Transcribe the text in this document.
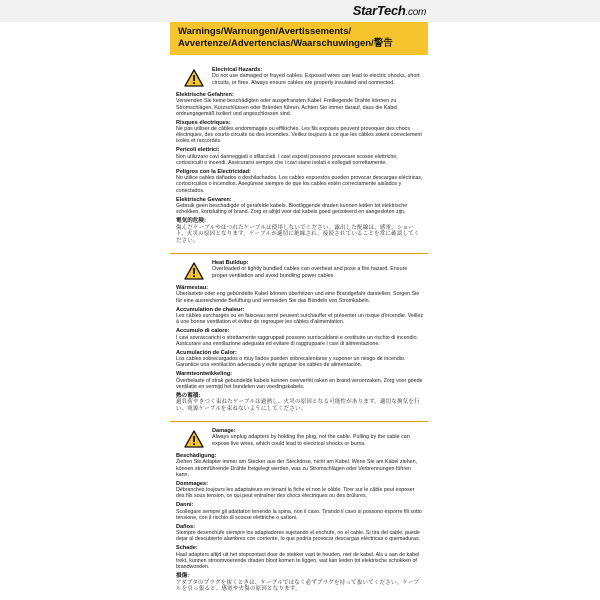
StarTech.com
Warnings/Warnungen/Avertissements/
Avvertenze/Advertencias/Waarschuwingen/警告
Electrical Hazards:
Do not use damaged or frayed cables. Exposed wires can lead to electric shocks, short circuits, or fires. Always ensure cables are properly insulated and connected.
Elektrische Gefahren:
Verwenden Sie keine beschädigten oder ausgefransten Kabel. Freiliegende Drähte können zu Stromschlägen, Kurzschlüssen oder Bränden führen. Achten Sie immer darauf, dass die Kabel ordnungsgemäß isoliert und angeschlossen sind.
Risques électriques:
Ne pas utiliser de câbles endommagés ou effilochés. Les fils exposés peuvent provoquer des chocs électriques, des courts-circuits ou des incendies. Veillez toujours à ce que les câbles soient correctement isolés et raccordés.
Pericoli elettrici:
Non utilizzare cavi danneggiati o sfilacciati. I cavi esposti possono provocare scosse elettriche, cortocircuiti o incendi. Assicurarsi sempre che i cavi siano isolati e collegati correttamente.
Peligros con la Electricidad:
No utilice cables dañados o deshilachados. Los cables expuestos pueden provocar descargas eléctricas, cortocircuitos o incendios. Asegúrese siempre de que los cables estén correctamente aislados y conectados.
Elektrische Gevaren:
Gebruik geen beschadigde of gerafelde kabels. Blootliggende draden kunnen leiden tot elektrische schokken, kortsluiting of brand. Zorg er altijd voor dat kabels goed geïsoleerd en aangesloten zijn.
電気的危険:
傷んだケーブルやほつれたケーブルは使用しないでください。露出した配線は、感電、ショート、火災の原因となります。ケーブルが適切に絶縁され、接続されていることを常に確認してください。
Heat Buildup:
Overloaded or tightly bundled cables can overheat and pose a fire hazard. Ensure proper ventilation and avoid bundling power cables.
Wärmestau:
Überlastete oder eng gebündelte Kabel können überhitzen und eine Brandgefahr darstellen. Sorgen Sie für eine ausreichende Belüftung und vermeiden Sie das Bündeln von Stromkabeln.
Accumulation de chaleur:
Les câbles surchargés ou en faisceau serré peuvent surchauffer et présenter un risque d'incendie. Veillez à une bonne ventilation et évitez de regrouper les câbles d'alimentation.
Accumulo di calore:
I cavi sovraccarichi o strettamente raggruppati possono surriscaldarsi e costituire un rischio di incendio. Assicurare una ventilazione adeguata ed evitare di raggruppare i cavi di alimentazione.
Acumulación de Calor:
Los cables sobrecargados o muy liados pueden sobrecalentarse y suponer un riesgo de incendio. Garantice una ventilación adecuada y evite agrupar los cables de alimentación.
Warmteontwikkeling:
Overbelaste of strak gebundelde kabels kunnen oververhit raken en brand veroorzaken. Zorg voor goede ventilatie en vermijd het bundelen van voedingskabels.
熱の蓄積:
過負荷やきつく束ねたケーブルは過熱し、火災の原因となる可能性があります。適切な換気を行い、電源ケーブルを束ねないようにしてください。
Damage:
Always unplug adapters by holding the plug, not the cable. Pulling by the cable can expose live wires, which could lead to electrical shocks or burns.
Beschädigung:
Ziehen Sie Adapter immer am Stecker aus der Steckdose, nicht am Kabel. Wenn Sie am Kabel ziehen, können stromführende Drähte freigelegt werden, was zu Stromschlägen oder Verbrennungen führen kann.
Dommages:
Débranchez toujours les adaptateurs en tenant la fiche et non le câble. Tirer sur le câble peut exposer des fils sous tension, ce qui peut entraîner des chocs électriques ou des brûlures.
Danni:
Scollegare sempre gli adattatori tenendo la spina, non il cavo. Tirando il cavo si possono esporre fili sotto tensione, con il rischio di scosse elettriche o ustioni.
Daños:
Siempre desenchufe siempre los adaptadores sujetando el enchufe, no el cable. Si tira del cable, puede dejar al descubierto alambres con corriente, lo que podría provocar descargas eléctricas o quemaduras.
Schade:
Haal adapters altijd uit het stopcontact door de stekker vast te houden, niet de kabel. Als u aan de kabel trekt, kunnen stroomvoerende draden bloot komen te liggen, wat kan leiden tot elektrische schokken of brandwonden.
損傷:
アダプタのプラグを抜くときは、ケーブルではなく必ずプラグを持って抜いてください。ケーブルを引っ張ると、感電や火傷の原因となります。
